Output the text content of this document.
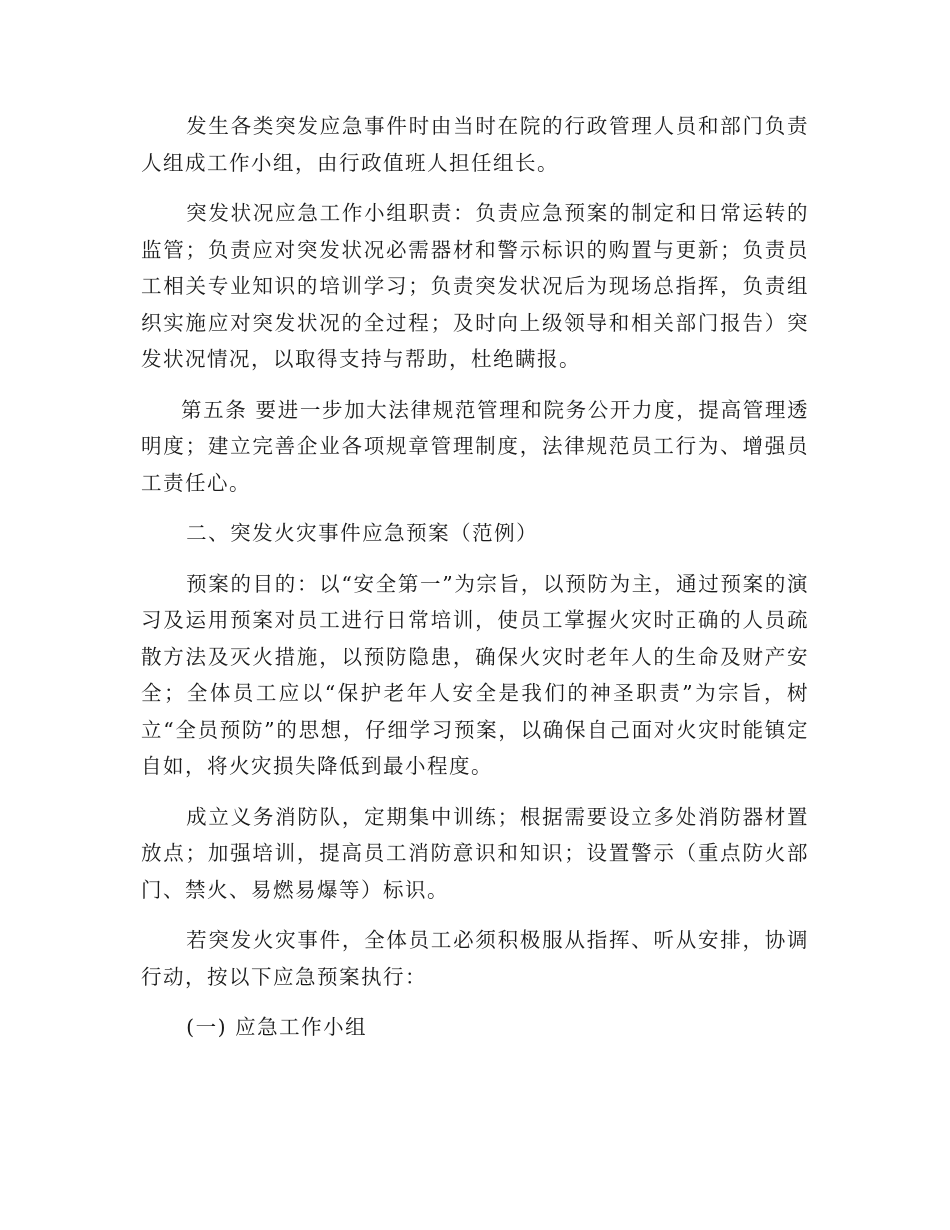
发生各类突发应急事件时由当时在院的行政管理人员和部门负责人组成工作小组，由行政值班人担任组长。

突发状况应急工作小组职责：负责应急预案的制定和日常运转的监管；负责应对突发状况必需器材和警示标识的购置与更新；负责员工相关专业知识的培训学习；负责突发状况后为现场总指挥，负责组织实施应对突发状况的全过程；及时向上级领导和相关部门报告）突发状况情况，以取得支持与帮助，杜绝瞒报。

第五条 要进一步加大法律规范管理和院务公开力度，提高管理透明度；建立完善企业各项规章管理制度，法律规范员工行为、增强员工责任心。

二、突发火灾事件应急预案（范例）

预案的目的：以“安全第一”为宗旨，以预防为主，通过预案的演习及运用预案对员工进行日常培训，使员工掌握火灾时正确的人员疏散方法及灭火措施，以预防隐患，确保火灾时老年人的生命及财产安全；全体员工应以“保护老年人安全是我们的神圣职责”为宗旨，树立“全员预防”的思想，仔细学习预案，以确保自己面对火灾时能镇定自如，将火灾损失降低到最小程度。

成立义务消防队，定期集中训练；根据需要设立多处消防器材置放点；加强培训，提高员工消防意识和知识；设置警示（重点防火部门、禁火、易燃易爆等）标识。

若突发火灾事件，全体员工必须积极服从指挥、听从安排，协调行动，按以下应急预案执行：

(一) 应急工作小组
